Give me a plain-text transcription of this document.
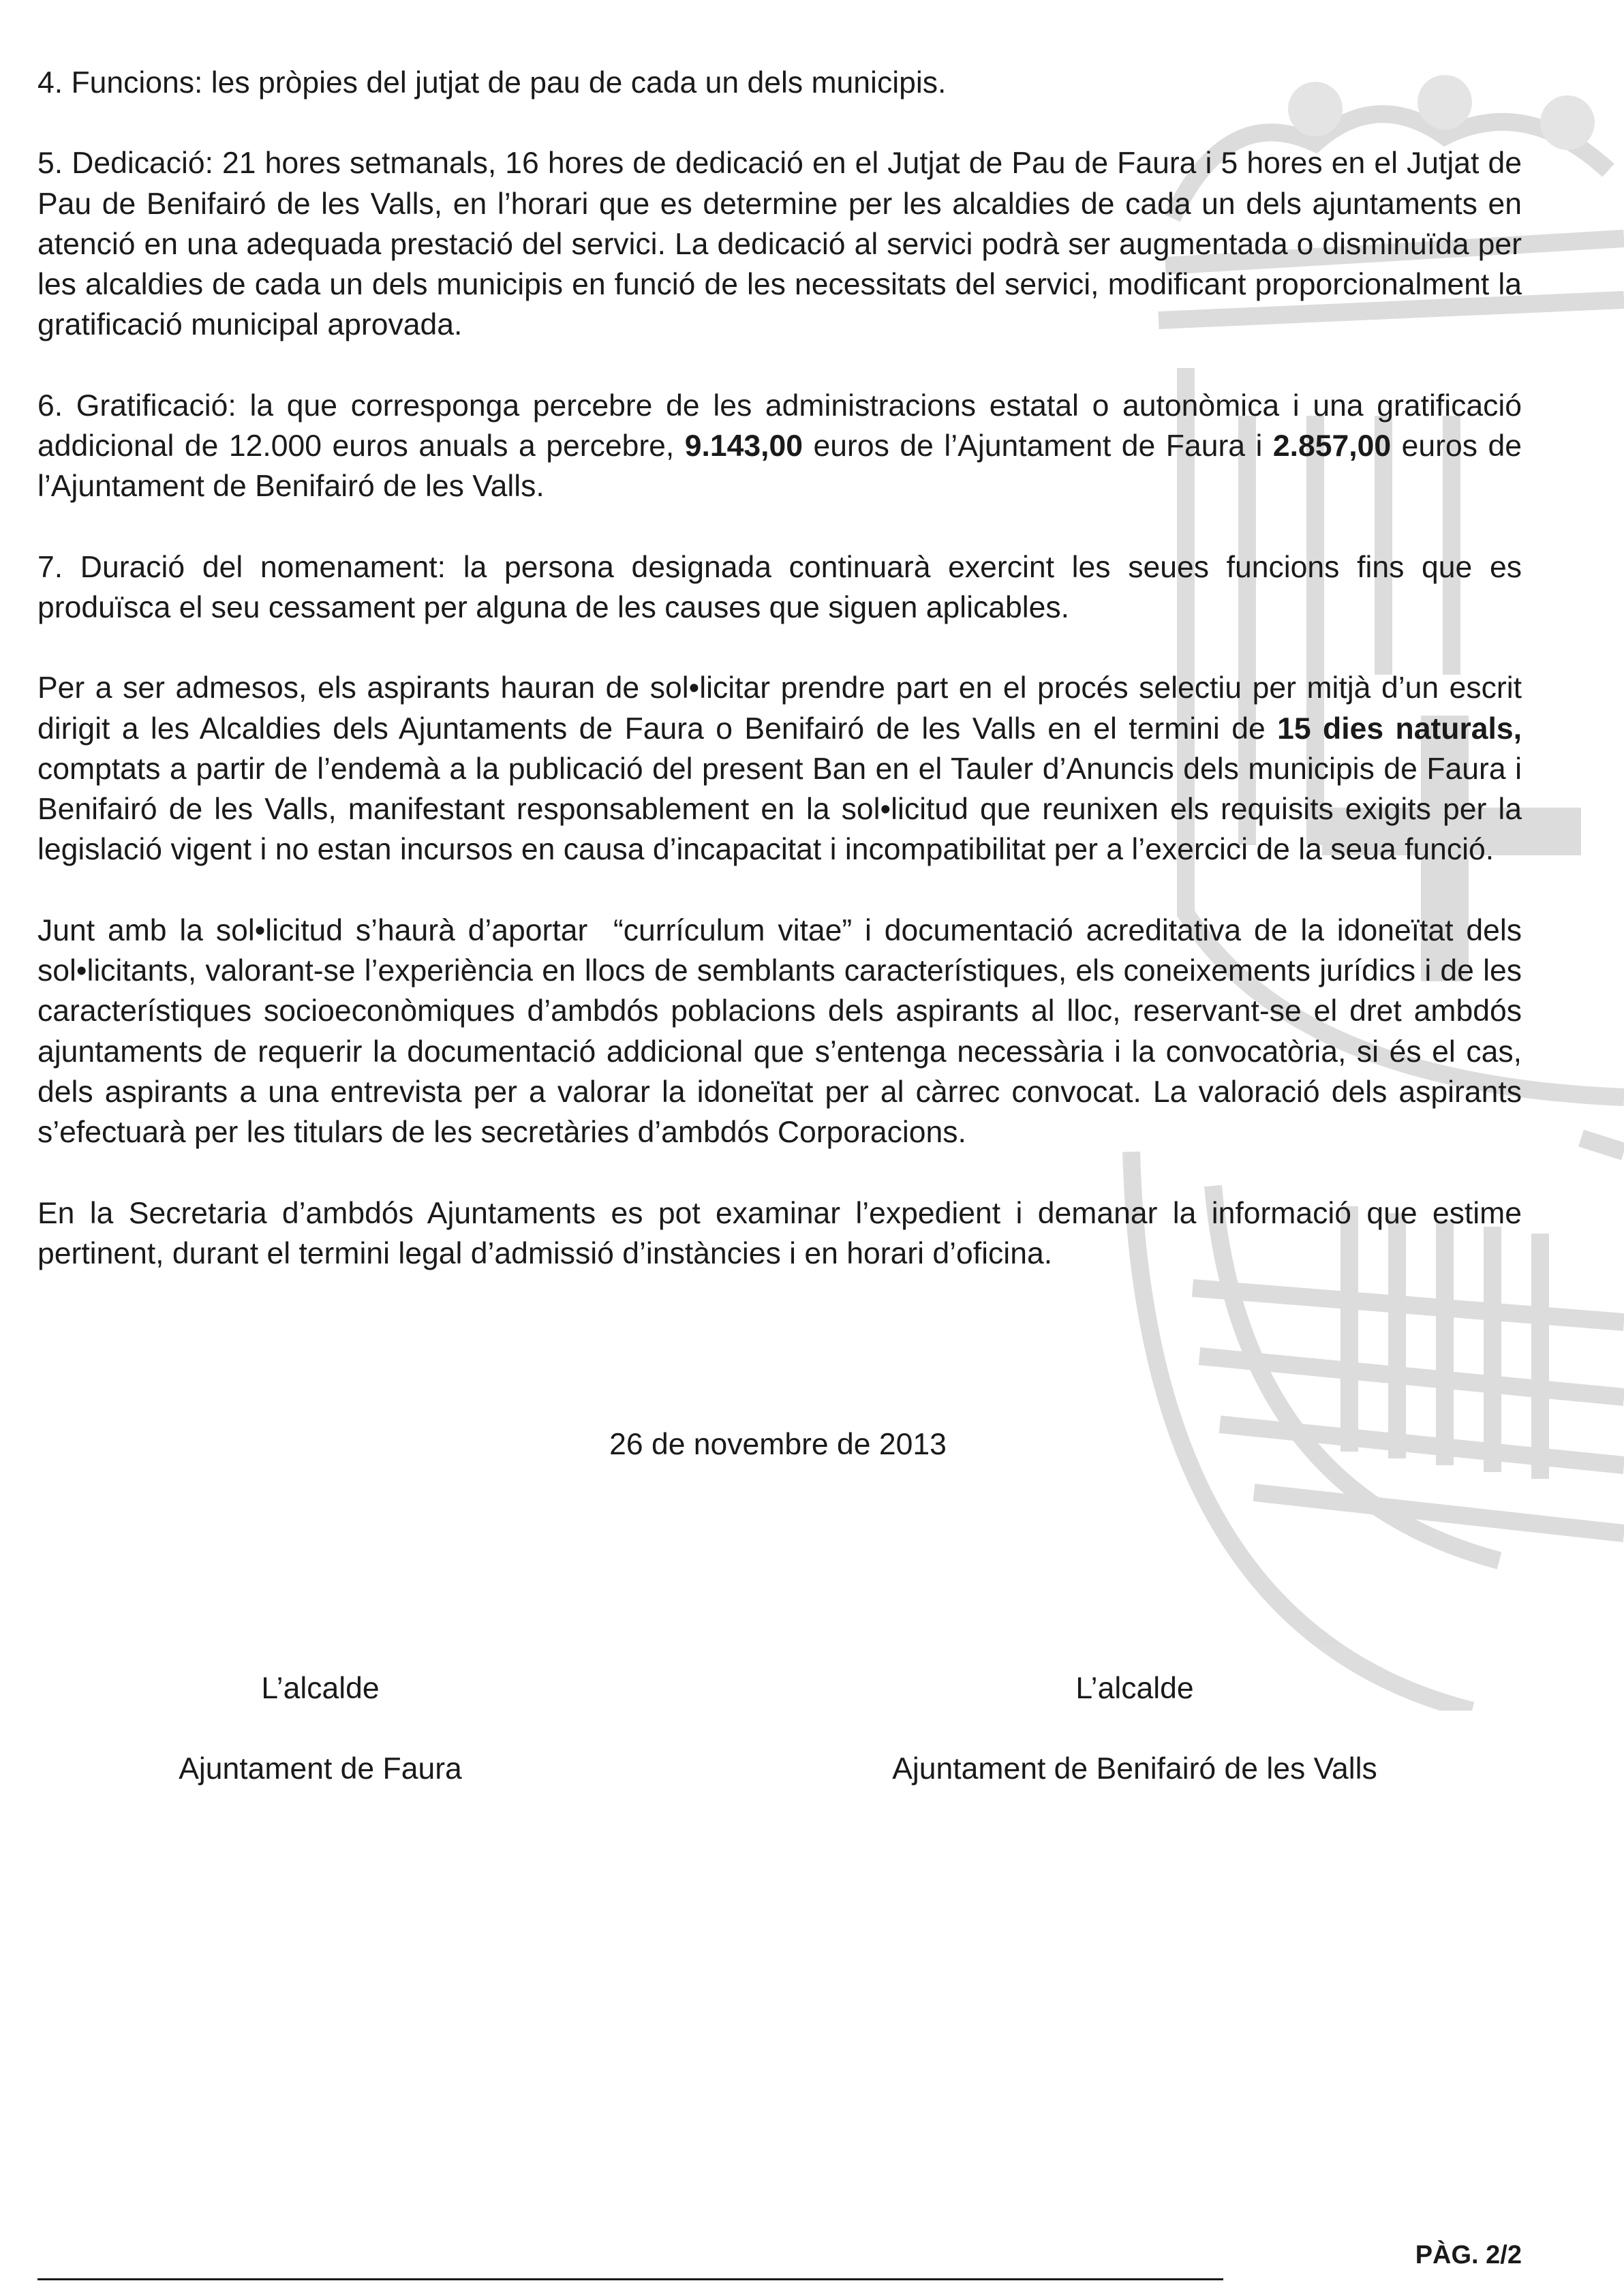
4. Funcions: les pròpies del jutjat de pau de cada un dels municipis.

5. Dedicació: 21 hores setmanals, 16 hores de dedicació en el Jutjat de Pau de Faura i 5 hores en el Jutjat de Pau de Benifairó de les Valls, en l’horari que es determine per les alcaldies de cada un dels ajuntaments en atenció en una adequada prestació del servici. La dedicació al servici podrà ser augmentada o disminuïda per les alcaldies de cada un dels municipis en funció de les necessitats del servici, modificant proporcionalment la gratificació municipal aprovada.

6. Gratificació: la que corresponga percebre de les administracions estatal o autonòmica i una gratificació addicional de 12.000 euros anuals a percebre, 9.143,00 euros de l’Ajuntament de Faura i 2.857,00 euros de l’Ajuntament de Benifairó de les Valls.

7. Duració del nomenament: la persona designada continuarà exercint les seues funcions fins que es produïsca el seu cessament per alguna de les causes que siguen aplicables.

Per a ser admesos, els aspirants hauran de sol•licitar prendre part en el procés selectiu per mitjà d’un escrit dirigit a les Alcaldies dels Ajuntaments de Faura o Benifairó de les Valls en el termini de 15 dies naturals, comptats a partir de l’endemà a la publicació del present Ban en el Tauler d’Anuncis dels municipis de Faura i Benifairó de les Valls, manifestant responsablement en la sol•licitud que reunixen els requisits exigits per la legislació vigent i no estan incursos en causa d’incapacitat i incompatibilitat per a l’exercici de la seua funció.

Junt amb la sol•licitud s’haurà d’aportar  “currículum vitae” i documentació acreditativa de la idoneïtat dels sol•licitants, valorant-se l’experiència en llocs de semblants característiques, els coneixements jurídics i de les característiques socioeconòmiques d’ambdós poblacions dels aspirants al lloc, reservant-se el dret ambdós ajuntaments de requerir la documentació addicional que s’entenga necessària i la convocatòria, si és el cas, dels aspirants a una entrevista per a valorar la idoneïtat per al càrrec convocat. La valoració dels aspirants s’efectuarà per les titulars de les secretàries d’ambdós Corporacions.

En la Secretaria d’ambdós Ajuntaments es pot examinar l’expedient i demanar la informació que estime pertinent, durant el termini legal d’admissió d’instàncies i en horari d’oficina.

26 de novembre de 2013
L’alcalde
Ajuntament de Faura
L’alcalde
Ajuntament de Benifairó de les Valls
PÀG. 2/2
